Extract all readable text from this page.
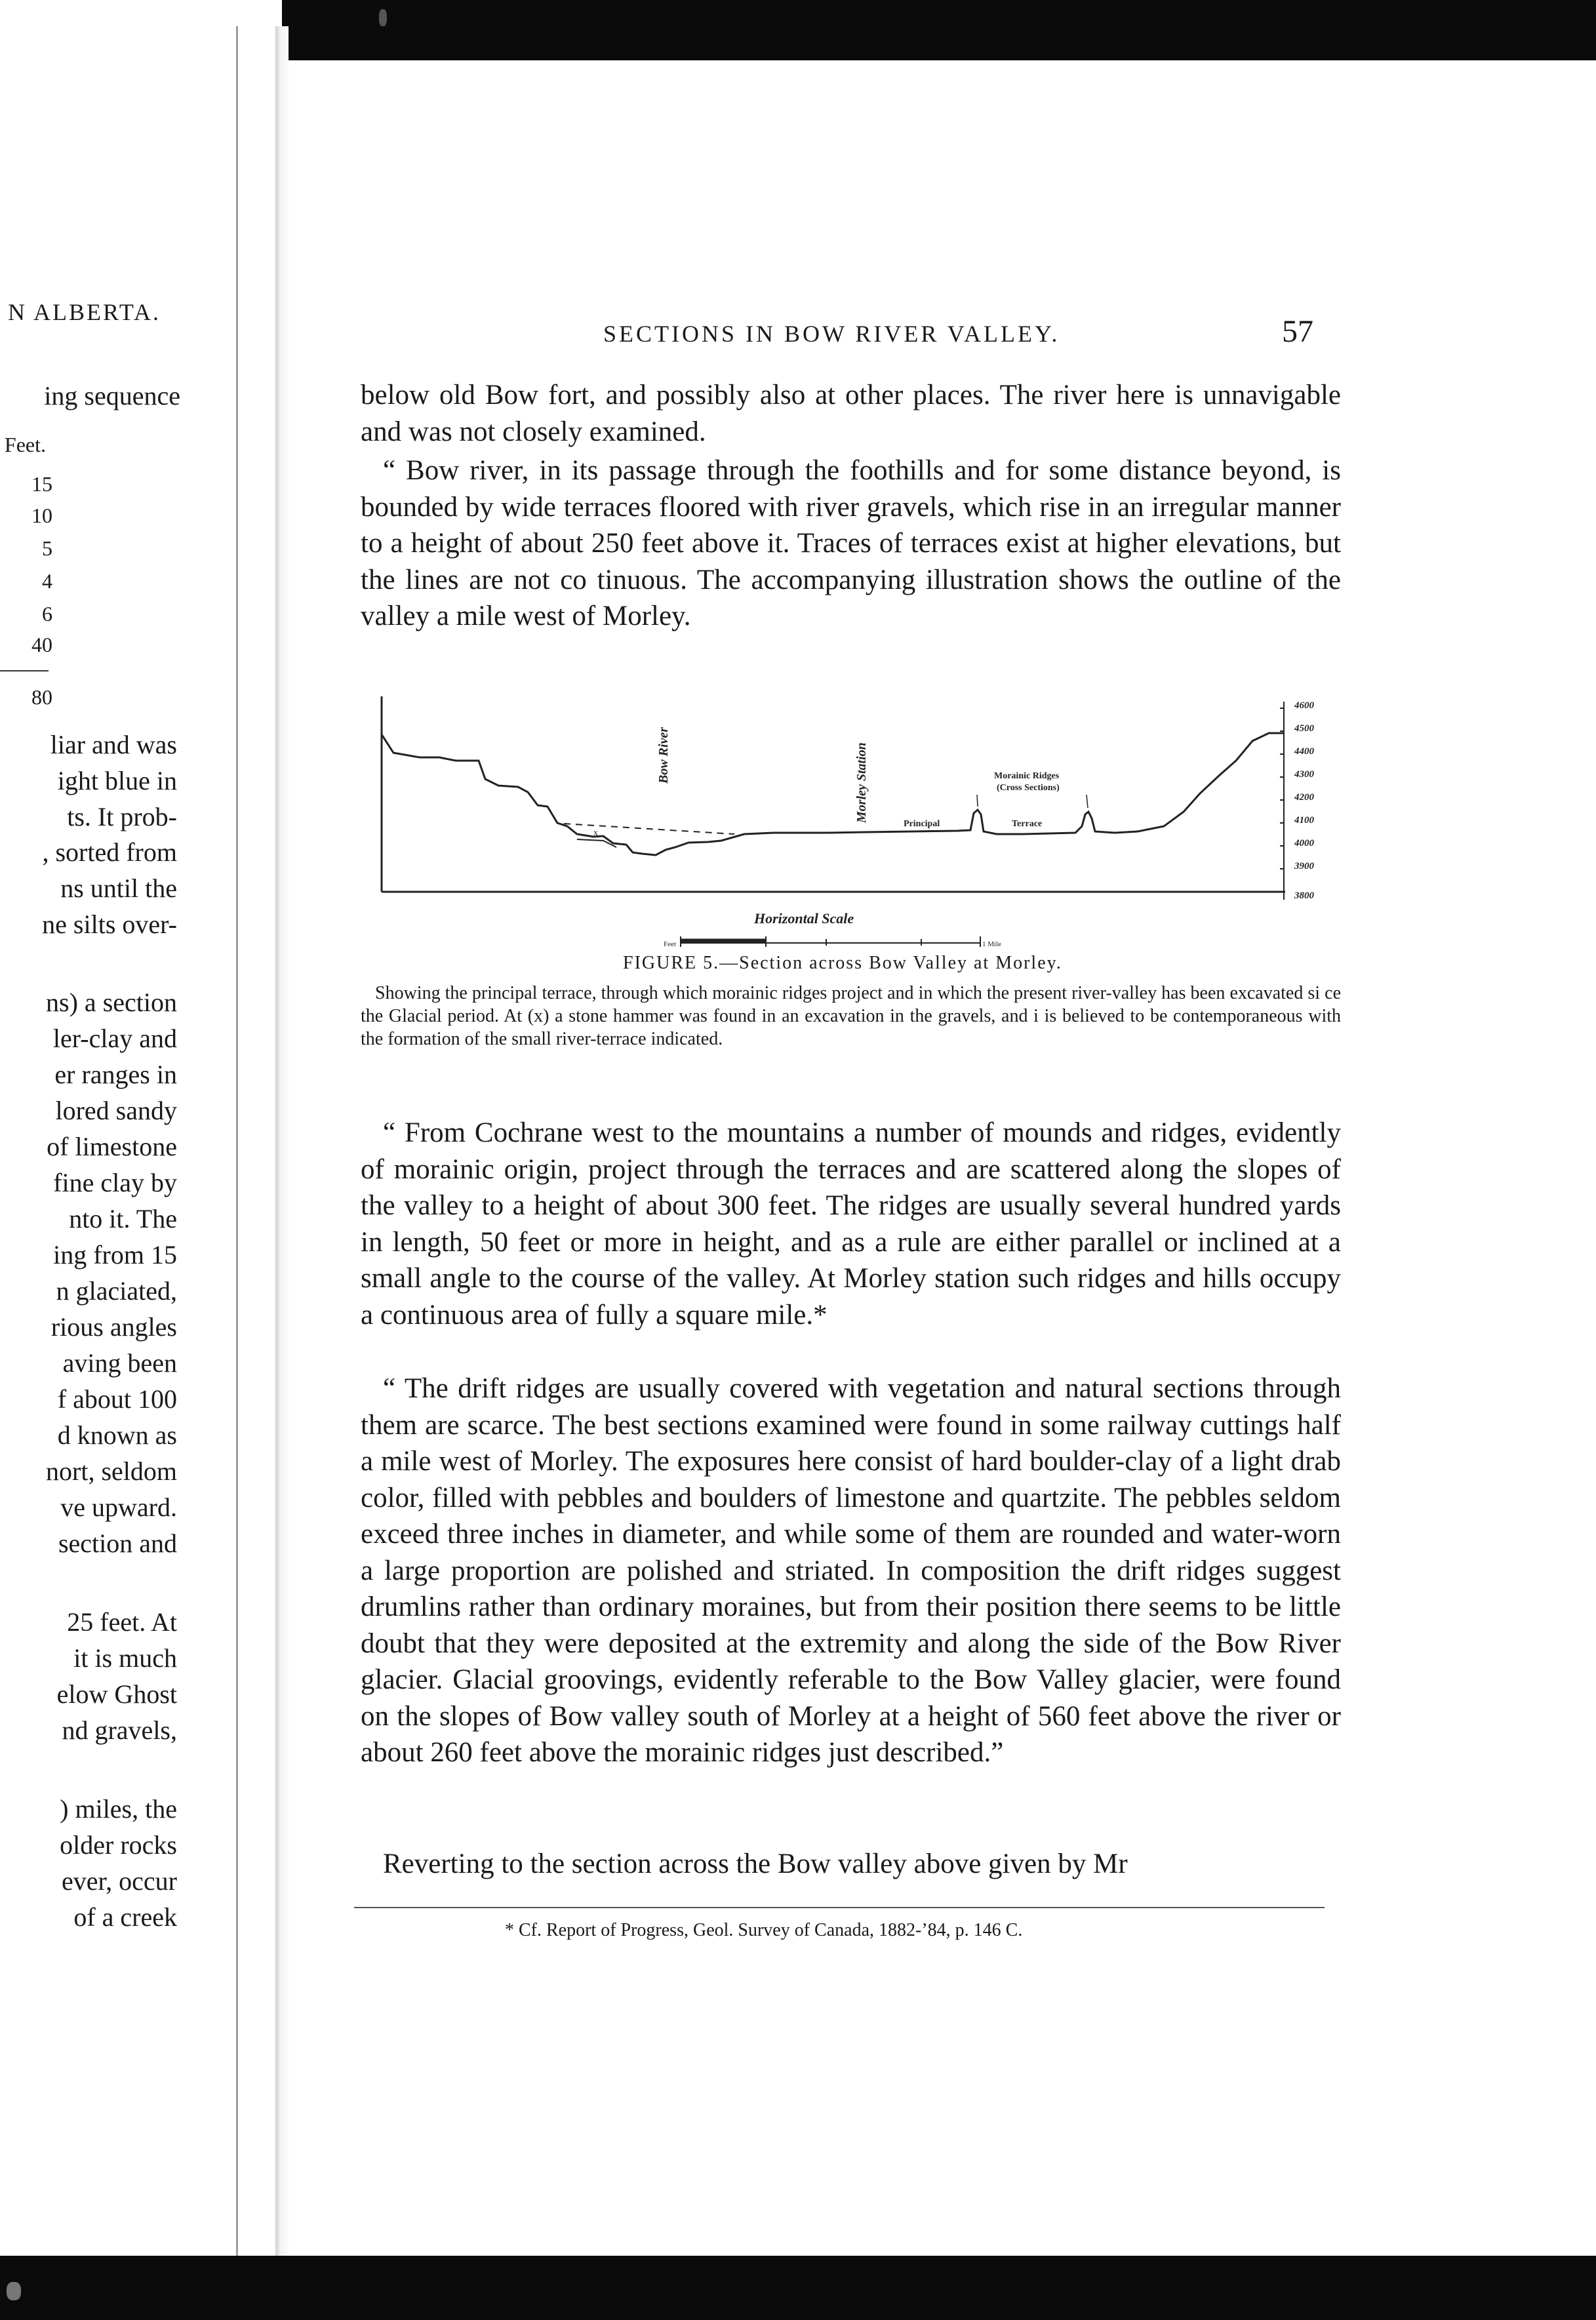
N ALBERTA.
ing sequence
Feet.
15
10
5
4
6
40
80
liar and was
ight blue in
ts. It prob-
, sorted from
ns until the
ne silts over-
ns) a section
ler-clay and
er ranges in
lored sandy
of limestone
fine clay by
nto it. The
ing from 15
n glaciated,
rious angles
aving been
f about 100
d known as
nort, seldom
ve upward.
section and
25 feet. At
it is much
elow Ghost
nd gravels,
) miles, the
older rocks
ever, occur
of a creek
SECTIONS IN BOW RIVER VALLEY.	57
below old Bow fort, and possibly also at other places. The river here is unnavigable and was not closely examined.
“ Bow river, in its passage through the foothills and for some distance beyond, is bounded by wide terraces floored with river gravels, which rise in an irregular manner to a height of about 250 feet above it. Traces of terraces exist at higher elevations, but the lines are not co tinuous. The accompanying illustration shows the outline of the valley a mile west of Morley.
x
Bow River	Morley Station	Morainic Ridges
(Cross Sections)
Principal	Terrace
4600
4500
4400
4300
4200
4100
4000
3900
3800
Horizontal Scale
Feet	1 Mile
FIGURE 5.—Section across Bow Valley at Morley.
Showing the principal terrace, through which morainic ridges project and in which the present river-valley has been excavated si ce the Glacial period. At (x) a stone hammer was found in an excavation in the gravels, and i is believed to be contemporaneous with the formation of the small river-terrace indicated.
“ From Cochrane west to the mountains a number of mounds and ridges, evidently of morainic origin, project through the terraces and are scattered along the slopes of the valley to a height of about 300 feet. The ridges are usually several hundred yards in length, 50 feet or more in height, and as a rule are either parallel or inclined at a small angle to the course of the valley. At Morley station such ridges and hills occupy a continuous area of fully a square mile.*
“ The drift ridges are usually covered with vegetation and natural sections through them are scarce. The best sections examined were found in some railway cuttings half a mile west of Morley. The exposures here consist of hard boulder-clay of a light drab color, filled with pebbles and boulders of limestone and quartzite. The pebbles seldom exceed three inches in diameter, and while some of them are rounded and water-worn a large proportion are polished and striated. In composition the drift ridges suggest drumlins rather than ordinary moraines, but from their position there seems to be little doubt that they were deposited at the extremity and along the side of the Bow River glacier. Glacial groovings, evidently referable to the Bow Valley glacier, were found on the slopes of Bow valley south of Morley at a height of 560 feet above the river or about 260 feet above the morainic ridges just described.”
Reverting to the section across the Bow valley above given by Mr
* Cf. Report of Progress, Geol. Survey of Canada, 1882-’84, p. 146 C.
